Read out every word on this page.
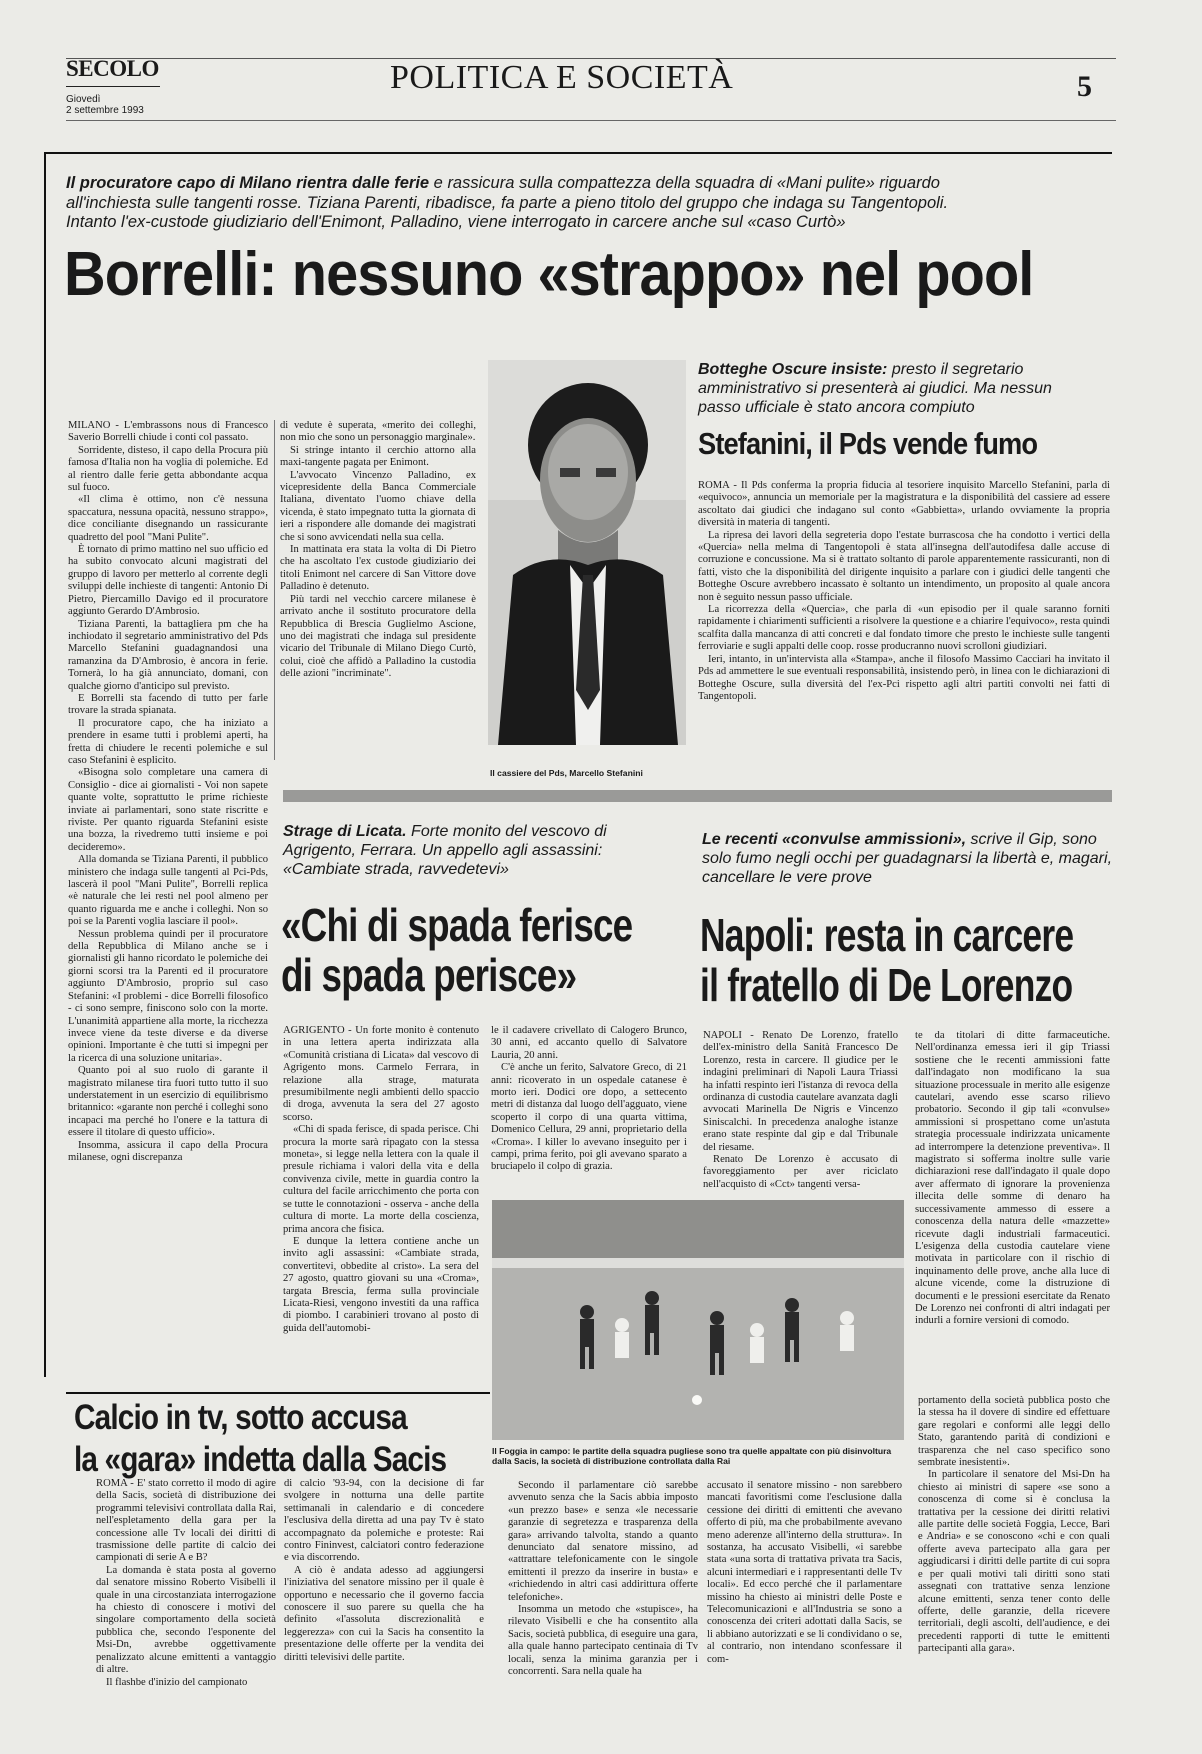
SECOLO
Giovedì
2 settembre 1993
POLITICA E SOCIETÀ	5
Il procuratore capo di Milano rientra dalle ferie e rassicura sulla compattezza della squadra di «Mani pulite» riguardo all'inchiesta sulle tangenti rosse. Tiziana Parenti, ribadisce, fa parte a pieno titolo del gruppo che indaga su Tangentopoli. Intanto l'ex-custode giudiziario dell'Enimont, Palladino, viene interrogato in carcere anche sul «caso Curtò»
Borrelli: nessuno «strappo» nel pool

MILANO - L'embrassons nous di Francesco Saverio Borrelli chiude i conti col passato.

Sorridente, disteso, il capo della Procura più famosa d'Italia non ha voglia di polemiche. Ed al rientro dalle ferie getta abbondante acqua sul fuoco.

«Il clima è ottimo, non c'è nessuna spaccatura, nessuna opacità, nessuno strappo», dice conciliante disegnando un rassicurante quadretto del pool "Mani Pulite".

È tornato di primo mattino nel suo ufficio ed ha subito convocato alcuni magistrati del gruppo di lavoro per metterlo al corrente degli sviluppi delle inchieste di tangenti: Antonio Di Pietro, Piercamillo Davigo ed il procuratore aggiunto Gerardo D'Ambrosio.

Tiziana Parenti, la battagliera pm che ha inchiodato il segretario amministrativo del Pds Marcello Stefanini guadagnandosi una ramanzina da D'Ambrosio, è ancora in ferie. Tornerà, lo ha già annunciato, domani, con qualche giorno d'anticipo sul previsto.

E Borrelli sta facendo di tutto per farle trovare la strada spianata.

Il procuratore capo, che ha iniziato a prendere in esame tutti i problemi aperti, ha fretta di chiudere le recenti polemiche e sul caso Stefanini è esplicito.

«Bisogna solo completare una camera di Consiglio - dice ai giornalisti - Voi non sapete quante volte, soprattutto le prime richieste inviate ai parlamentari, sono state riscritte e riviste. Per quanto riguarda Stefanini esiste una bozza, la rivedremo tutti insieme e poi decideremo».

Alla domanda se Tiziana Parenti, il pubblico ministero che indaga sulle tangenti al Pci-Pds, lascerà il pool "Mani Pulite", Borrelli replica «è naturale che lei resti nel pool almeno per quanto riguarda me e anche i colleghi. Non so poi se la Parenti voglia lasciare il pool».

Nessun problema quindi per il procuratore della Repubblica di Milano anche se i giornalisti gli hanno ricordato le polemiche dei giorni scorsi tra la Parenti ed il procuratore aggiunto D'Ambrosio, proprio sul caso Stefanini: «I problemi - dice Borrelli filosofico - ci sono sempre, finiscono solo con la morte. L'unanimità appartiene alla morte, la ricchezza invece viene da teste diverse e da diverse opinioni. Importante è che tutti si impegni per la ricerca di una soluzione unitaria».

Quanto poi al suo ruolo di garante il magistrato milanese tira fuori tutto tutto il suo understatement in un esercizio di equilibrismo britannico: «garante non perché i colleghi sono incapaci ma perché ho l'onere e la tattura di essere il titolare di questo ufficio».

Insomma, assicura il capo della Procura milanese, ogni discrepanza

di vedute è superata, «merito dei colleghi, non mio che sono un personaggio marginale».

Si stringe intanto il cerchio attorno alla maxi-tangente pagata per Enimont.

L'avvocato Vincenzo Palladino, ex vicepresidente della Banca Commerciale Italiana, diventato l'uomo chiave della vicenda, è stato impegnato tutta la giornata di ieri a rispondere alle domande dei magistrati che si sono avvicendati nella sua cella.

In mattinata era stata la volta di Di Pietro che ha ascoltato l'ex custode giudiziario dei titoli Enimont nel carcere di San Vittore dove Palladino è detenuto.

Più tardi nel vecchio carcere milanese è arrivato anche il sostituto procuratore della Repubblica di Brescia Guglielmo Ascione, uno dei magistrati che indaga sul presidente vicario del Tribunale di Milano Diego Curtò, colui, cioè che affidò a Palladino la custodia delle azioni "incriminate".

Il cassiere del Pds, Marcello Stefanini
Botteghe Oscure insiste: presto il segretario amministrativo si presenterà ai giudici. Ma nessun passo ufficiale è stato ancora compiuto
Stefanini, il Pds vende fumo

ROMA - Il Pds conferma la propria fiducia al tesoriere inquisito Marcello Stefanini, parla di «equivoco», annuncia un memoriale per la magistratura e la disponibilità del cassiere ad essere ascoltato dai giudici che indagano sul conto «Gabbietta», urlando ovviamente la propria diversità in materia di tangenti.

La ripresa dei lavori della segreteria dopo l'estate burrascosa che ha condotto i vertici della «Quercia» nella melma di Tangentopoli è stata all'insegna dell'autodifesa dalle accuse di corruzione e concussione. Ma si è trattato soltanto di parole apparentemente rassicuranti, non di fatti, visto che la disponibilità del dirigente inquisito a parlare con i giudici delle tangenti che Botteghe Oscure avrebbero incassato è soltanto un intendimento, un proposito al quale ancora non è seguito nessun passo ufficiale.

La ricorrezza della «Quercia», che parla di «un episodio per il quale saranno forniti rapidamente i chiarimenti sufficienti a risolvere la questione e a chiarire l'equivoco», resta quindi scalfita dalla mancanza di atti concreti e dal fondato timore che presto le inchieste sulle tangenti ferroviarie e sugli appalti delle coop. rosse producranno nuovi scrolloni giudiziari.

Ieri, intanto, in un'intervista alla «Stampa», anche il filosofo Massimo Cacciari ha invitato il Pds ad ammettere le sue eventuali responsabilità, insistendo però, in linea con le dichiarazioni di Botteghe Oscure, sulla diversità del l'ex-Pci rispetto agli altri partiti convolti nei fatti di Tangentopoli.

Strage di Licata. Forte monito del vescovo di Agrigento, Ferrara. Un appello agli assassini: «Cambiate strada, ravvedetevi»
«Chi di spada ferisce
di spada perisce»

AGRIGENTO - Un forte monito è contenuto in una lettera aperta indirizzata alla «Comunità cristiana di Licata» dal vescovo di Agrigento mons. Carmelo Ferrara, in relazione alla strage, maturata presumibilmente negli ambienti dello spaccio di droga, avvenuta la sera del 27 agosto scorso.

«Chi di spada ferisce, di spada perisce. Chi procura la morte sarà ripagato con la stessa moneta», si legge nella lettera con la quale il presule richiama i valori della vita e della convivenza civile, mette in guardia contro la cultura del facile arricchimento che porta con se tutte le connotazioni - osserva - anche della cultura di morte. La morte della coscienza, prima ancora che fisica.

E dunque la lettera contiene anche un invito agli assassini: «Cambiate strada, convertitevi, obbedite al cristo». La sera del 27 agosto, quattro giovani su una «Croma», targata Brescia, ferma sulla provinciale Licata-Riesi, vengono investiti da una raffica di piombo. I carabinieri trovano al posto di guida dell'automobi-

le il cadavere crivellato di Calogero Brunco, 30 anni, ed accanto quello di Salvatore Lauria, 20 anni.

C'è anche un ferito, Salvatore Greco, di 21 anni: ricoverato in un ospedale catanese è morto ieri. Dodici ore dopo, a settecento metri di distanza dal luogo dell'agguato, viene scoperto il corpo di una quarta vittima, Domenico Cellura, 29 anni, proprietario della «Croma». I killer lo avevano inseguito per i campi, prima ferito, poi gli avevano sparato a bruciapelo il colpo di grazia.

Le recenti «convulse ammissioni», scrive il Gip, sono solo fumo negli occhi per guadagnarsi la libertà e, magari, cancellare le vere prove
Napoli: resta in carcere
il fratello di De Lorenzo

NAPOLI - Renato De Lorenzo, fratello dell'ex-ministro della Sanità Francesco De Lorenzo, resta in carcere. Il giudice per le indagini preliminari di Napoli Laura Triassi ha infatti respinto ieri l'istanza di revoca della ordinanza di custodia cautelare avanzata dagli avvocati Marinella De Nigris e Vincenzo Siniscalchi. In precedenza analoghe istanze erano state respinte dal gip e dal Tribunale del riesame.

Renato De Lorenzo è accusato di favoreggiamento per aver riciclato nell'acquisto di «Cct» tangenti versa-

te da titolari di ditte farmaceutiche. Nell'ordinanza emessa ieri il gip Triassi sostiene che le recenti ammissioni fatte dall'indagato non modificano la sua situazione processuale in merito alle esigenze cautelari, avendo esse scarso rilievo probatorio. Secondo il gip tali «convulse» ammissioni si prospettano come un'astuta strategia processuale indirizzata unicamente ad interrompere la detenzione preventiva». Il magistrato si sofferma inoltre sulle varie dichiarazioni rese dall'indagato il quale dopo aver affermato di ignorare la provenienza illecita delle somme di denaro ha successivamente ammesso di essere a conoscenza della natura delle «mazzette» ricevute dagli industriali farmaceutici. L'esigenza della custodia cautelare viene motivata in particolare con il rischio di inquinamento delle prove, anche alla luce di alcune vicende, come la distruzione di documenti e le pressioni esercitate da Renato De Lorenzo nei confronti di altri indagati per indurli a fornire versioni di comodo.

Il Foggia in campo: le partite della squadra pugliese sono tra quelle appaltate con più disinvoltura dalla Sacis, la società di distribuzione controllata dalla Rai
Calcio in tv, sotto accusa
la «gara» indetta dalla Sacis

ROMA - E' stato corretto il modo di agire della Sacis, società di distribuzione dei programmi televisivi controllata dalla Rai, nell'espletamento della gara per la concessione alle Tv locali dei diritti di trasmissione delle partite di calcio dei campionati di serie A e B?

La domanda è stata posta al governo dal senatore missino Roberto Visibelli il quale in una circostanziata interrogazione ha chiesto di conoscere i motivi del singolare comportamento della società pubblica che, secondo l'esponente del Msi-Dn, avrebbe oggettivamente penalizzato alcune emittenti a vantaggio di altre.

Il flashbe d'inizio del campionato

di calcio '93-94, con la decisione di far svolgere in notturna una delle partite settimanali in calendario e di concedere l'esclusiva della diretta ad una pay Tv è stato accompagnato da polemiche e proteste: Rai contro Fininvest, calciatori contro federazione e via discorrendo.

A ciò è andata adesso ad aggiungersi l'iniziativa del senatore missino per il quale è opportuno e necessario che il governo faccia conoscere il suo parere su quella che ha definito «l'assoluta discrezionalità e leggerezza» con cui la Sacis ha consentito la presentazione delle offerte per la vendita dei diritti televisivi delle partite.

Secondo il parlamentare ciò sarebbe avvenuto senza che la Sacis abbia imposto «un prezzo base» e senza «le necessarie garanzie di segretezza e trasparenza della gara» arrivando talvolta, stando a quanto denunciato dal senatore missino, ad «attrattare telefonicamente con le singole emittenti il prezzo da inserire in busta» e «richiedendo in altri casi addirittura offerte telefoniche».

Insomma un metodo che «stupisce», ha rilevato Visibelli e che ha consentito alla Sacis, società pubblica, di eseguire una gara, alla quale hanno partecipato centinaia di Tv locali, senza la minima garanzia per i concorrenti. Sara nella quale ha

accusato il senatore missino - non sarebbero mancati favoritismi come l'esclusione dalla cessione dei diritti di emittenti che avevano offerto di più, ma che probabilmente avevano meno aderenze all'interno della struttura». In sostanza, ha accusato Visibelli, «i sarebbe stata «una sorta di trattativa privata tra Sacis, alcuni intermediari e i rappresentanti delle Tv locali». Ed ecco perché che il parlamentare missino ha chiesto ai ministri delle Poste e Telecomunicazioni e all'Industria se sono a conoscenza dei criteri adottati dalla Sacis, se li abbiano autorizzati e se li condividano o se, al contrario, non intendano sconfessare il com-

portamento della società pubblica posto che la stessa ha il dovere di sindire ed effettuare gare regolari e conformi alle leggi dello Stato, garantendo parità di condizioni e trasparenza che nel caso specifico sono sembrate inesistenti».

In particolare il senatore del Msi-Dn ha chiesto ai ministri di sapere «se sono a conoscenza di come si è conclusa la trattativa per la cessione dei diritti relativi alle partite delle società Foggia, Lecce, Bari e Andria» e se conoscono «chi e con quali offerte aveva partecipato alla gara per aggiudicarsi i diritti delle partite di cui sopra e per quali motivi tali diritti sono stati assegnati con trattative senza lenzione alcune emittenti, senza tener conto delle offerte, delle garanzie, della ricevere territoriali, degli ascolti, dell'audience, e dei precedenti rapporti di tutte le emittenti partecipanti alla gara».
